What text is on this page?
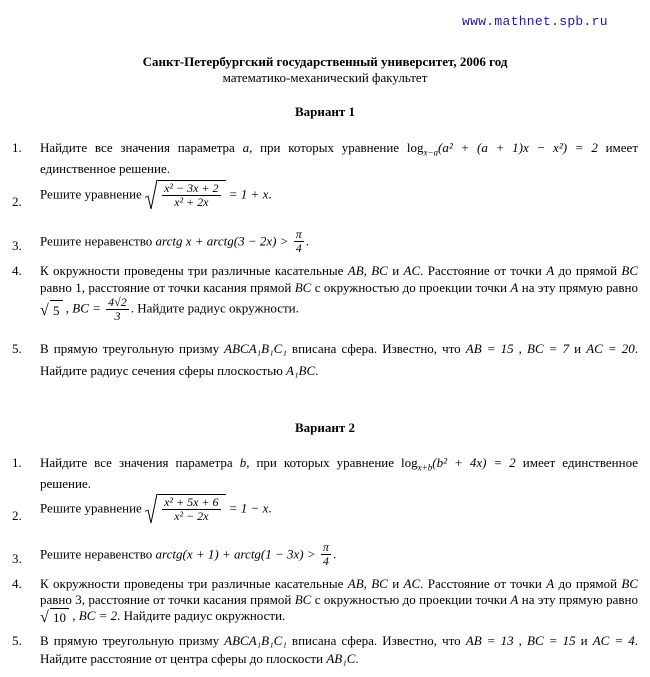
www.mathnet.spb.ru
Санкт-Петербургский государственный университет, 2006 год
математико-механический факультет
Вариант 1
1. Найдите все значения параметра a, при которых уравнение $\log_{x-a}(a^2 + (a + 1)x - x^2) = 2$ имеет единственное решение.
2. Решите уравнение $\frac{\text{x² − 3x + 2}}{\text{x² + 2x}} = 1 + x$.
3. Решите неравенство arctg x + arctg(3 − $2x) > \frac{\pi}{4}$ .
4. К окружности проведены три различные касательные AB, BC и AC. Расстояние от точки A до прямой BC равно 1, расстояние от точки касания прямой BC с окружностью до проекции точки A на эту прямую равно
√ 5 , BC = $\frac{4√2}{3}$ . Найдите радиус окружности.
5. В прямую треугольную призму ABCA₁B₁C₁ вписана сфера. Известно, что AB = 15 , BC = 7 и AC = 20. Найдите радиус сечения сферы плоскостью A₁BC.
Вариант 2
1. Найдите все значения параметра b, при которых уравнение $\log_{x+b}(b^2 + 4x) = 2$ имеет единственное решение.
2. Решите уравнение $\frac{\text{x² + 5x + 6}}{\text{x² − 2x}} = 1 - x$.
3. Решите неравенство arctg(x + 1) + arctg(1 − $3x) > \frac{\pi}{4}$ .
4. К окружности проведены три различные касательные AB, BC и AC. Расстояние от точки A до прямой BC равно 3, расстояние от точки касания прямой BC с окружностью до проекции точки A на эту прямую равно
√ 10 , BC = 2. Найдите радиус окружности.
5. В прямую треугольную призму ABCA₁B₁C₁ вписана сфера. Известно, что AB = 13 , BC = 15 и AC = 4. Найдите расстояние от центра сферы до плоскости AB₁C.
